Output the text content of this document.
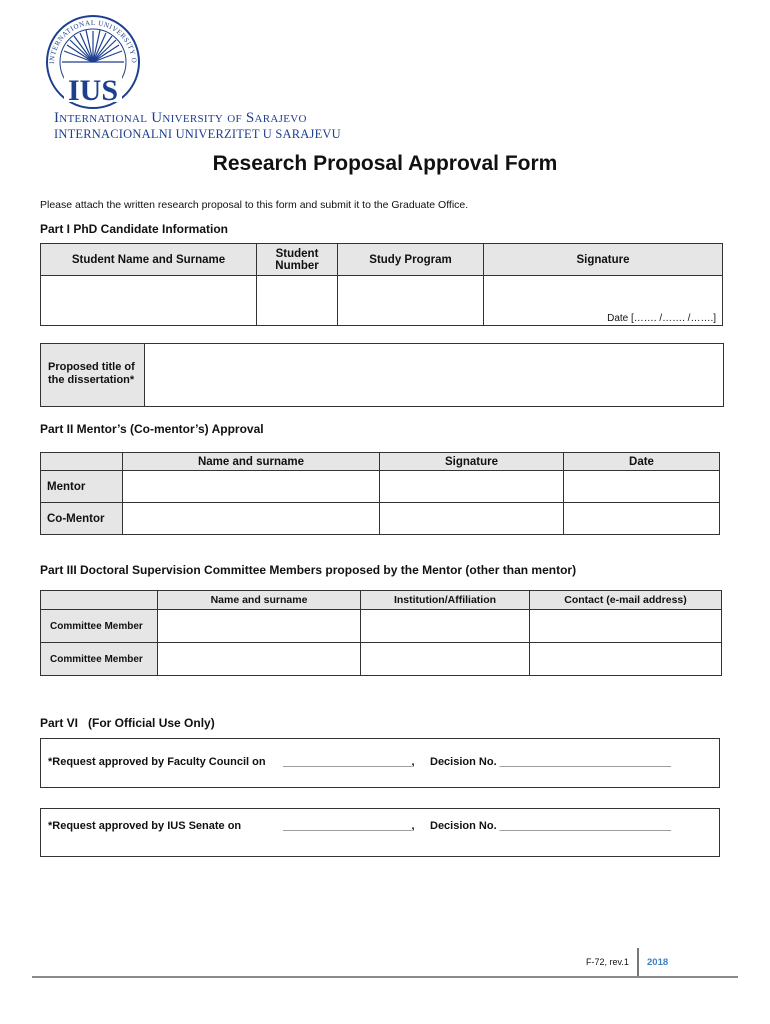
INTERNATIONAL UNIVERSITY O
IUS
International University of Sarajevo
INTERNACIONALNI UNIVERZITET U SARAJEVU
Research Proposal Approval Form
Please attach the written research proposal to this form and submit it to the Graduate Office.
Part I PhD Candidate Information
Student Name and Surname	Student Number	Study Program	Signature

			Date [……. /……. /…….]
Proposed title of the dissertation*
Part II Mentor’s (Co-mentor’s) Approval
	Name and surname	Signature	Date
Mentor			
Co-Mentor			
Part III Doctoral Supervision Committee Members proposed by the Mentor (other than mentor)
	Name and surname	Institution/Affiliation	Contact (e-mail address)
Committee Member			
Committee Member			
Part VI   (For Official Use Only)
*Request approved by Faculty Council on _____________________, Decision No. ____________________________
*Request approved by IUS Senate on	_____________________, Decision No. ____________________________
F-72, rev.1 2018
